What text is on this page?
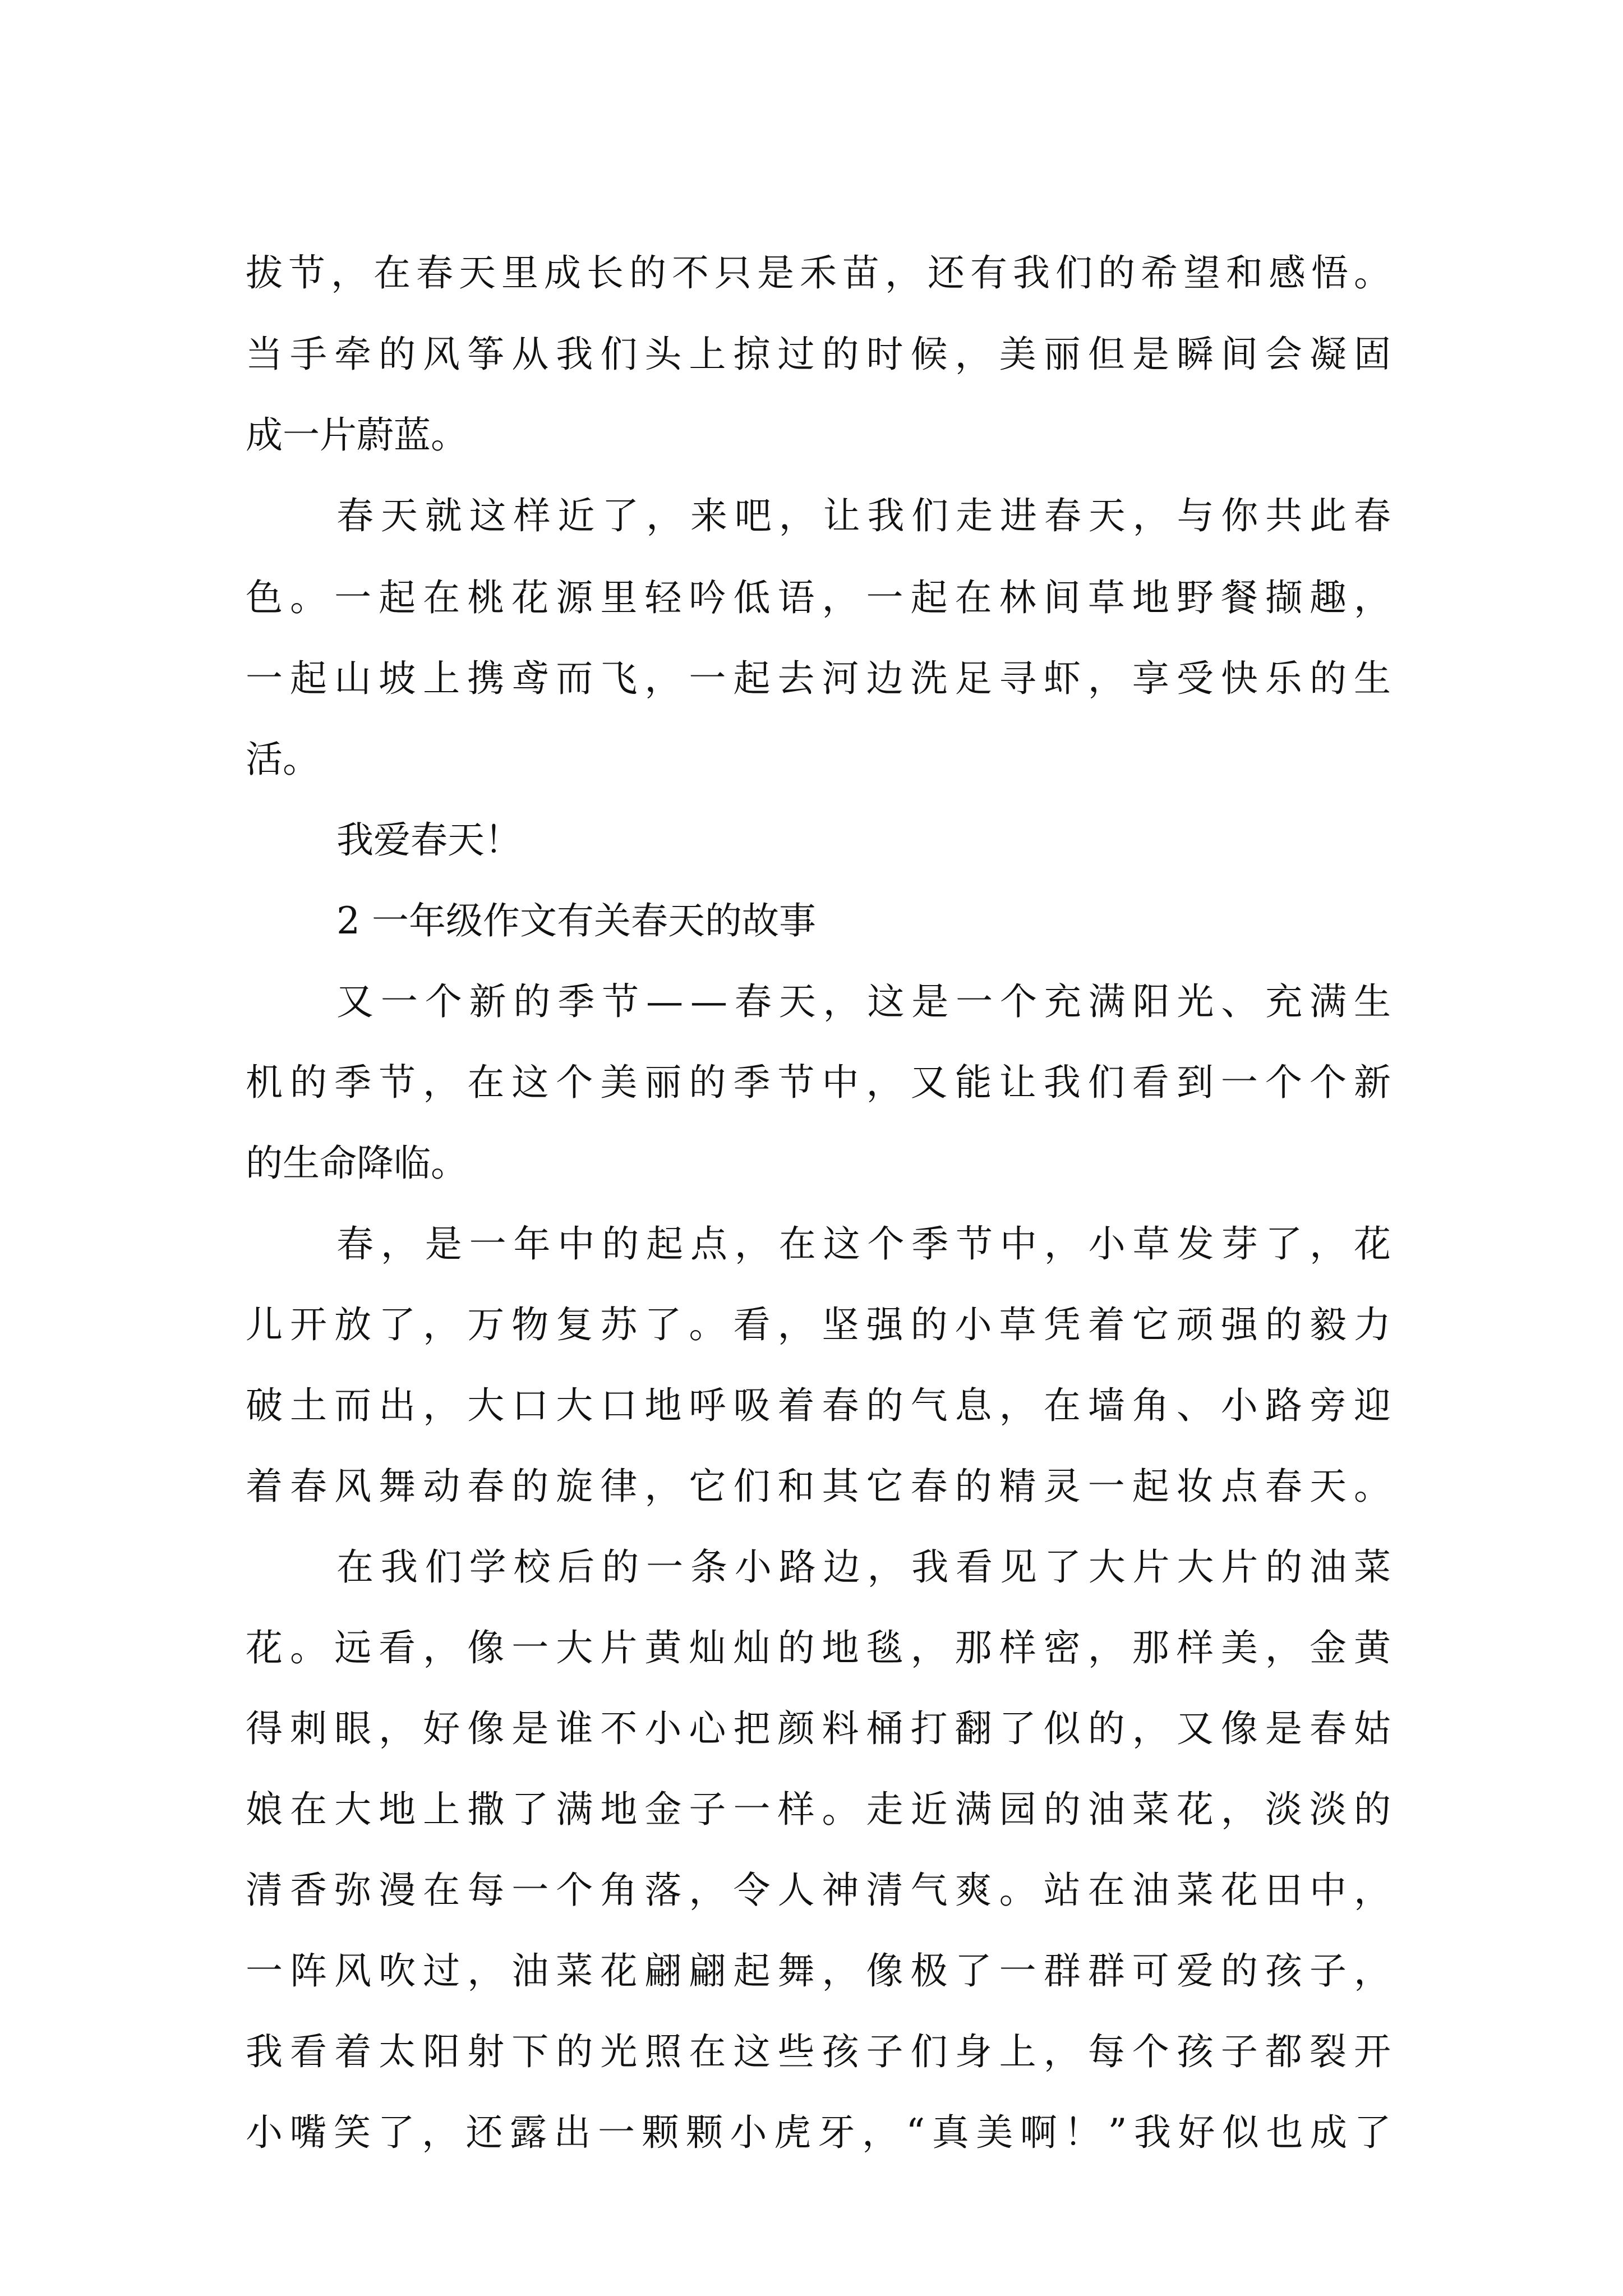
拔节，在春天里成长的不只是禾苗，还有我们的希望和感悟。
当手牵的风筝从我们头上掠过的时候，美丽但是瞬间会凝固
成一片蔚蓝。
春天就这样近了，来吧，让我们走进春天，与你共此春
色。一起在桃花源里轻吟低语，一起在林间草地野餐撷趣，
一起山坡上携鸢而飞，一起去河边洗足寻虾，享受快乐的生
活。
我爱春天！
2 一年级作文有关春天的故事
又一个新的季节——春天，这是一个充满阳光、充满生
机的季节，在这个美丽的季节中，又能让我们看到一个个新
的生命降临。
春，是一年中的起点，在这个季节中，小草发芽了，花
儿开放了，万物复苏了。看，坚强的小草凭着它顽强的毅力
破土而出，大口大口地呼吸着春的气息，在墙角、小路旁迎
着春风舞动春的旋律，它们和其它春的精灵一起妆点春天。
在我们学校后的一条小路边，我看见了大片大片的油菜
花。远看，像一大片黄灿灿的地毯，那样密，那样美，金黄
得刺眼，好像是谁不小心把颜料桶打翻了似的，又像是春姑
娘在大地上撒了满地金子一样。走近满园的油菜花，淡淡的
清香弥漫在每一个角落，令人神清气爽。站在油菜花田中，
一阵风吹过，油菜花翩翩起舞，像极了一群群可爱的孩子，
我看着太阳射下的光照在这些孩子们身上，每个孩子都裂开
小嘴笑了，还露出一颗颗小虎牙，“真美啊！”我好似也成了
